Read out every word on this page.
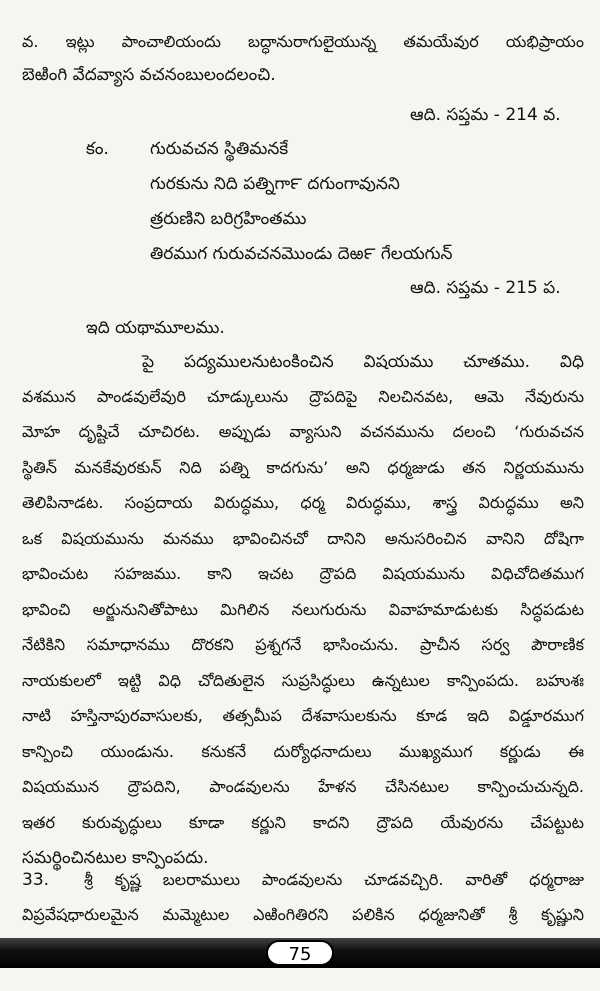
వ. ఇట్లు పాంచాలియందు బద్ధానురాగులైయున్న తమయేవుర యభిప్రాయం
బెఱింగి వేదవ్యాస వచనంబులందలంచి.
ఆది. సప్తమ - 214 వ.
కం. గురువచన స్థితిమనకే
గురకును నిది పత్నిగా౯ దగుంగావునని
త్రరుణిని బరిగ్రహింతము
తిరముగ గురువచనమెుండు దెఱ౯ గేలయగున్
ఆది. సప్తమ - 215 ప.
ఇది యథామూలము.
పై పద్యములనుటంకించిన విషయము చూతము. విధి
వశమున పాండవులేవురి చూడ్కులును ద్రౌపదిపై నిలచినవట, ఆమె నేవురును
మోహ దృష్టిచే చూచిరట. అప్పుడు వ్యాసుని వచనమును దలంచి ‘గురువచన
స్థితిన్ మనకేవురకున్ నిది పత్ని కాదగును’ అని ధర్మజుడు తన నిర్ణయమును
తెలిపినాడట. సంప్రదాయ విరుద్ధము, ధర్మ విరుద్ధము, శాస్త్ర విరుద్ధము అని
ఒక విషయమును మనము భావించినచో దానిని అనుసరించిన వానిని దోషిగా
భావించుట సహజము. కాని ఇచట ద్రౌపది విషయమును విధిచోదితముగ
భావించి అర్జునునితోపాటు మిగిలిన నలుగురును వివాహమాడుటకు సిద్ధపడుట
నేటికిని సమాధానము దొరకని ప్రశ్నగనే భాసించును. ప్రాచీన సర్వ పౌరాణిక
నాయకులలో ఇట్టి విధి చోదితులైన సుప్రసిద్ధులు ఉన్నటుల కాన్పింపదు. బహుశః
నాటి హస్తినాపురవాసులకు, తత్సమీప దేశవాసులకును కూడ ఇది విడ్డూరముగ
కాన్పించి యుండును. కనుకనే దుర్యోధనాదులు ముఖ్యముగ కర్ణుడు ఈ
విషయమున ద్రౌపదిని, పాండవులను హేళన చేసినటుల కాన్పించుచున్నది.
ఇతర కురువృద్ధులు కూడా కర్ణుని కాదని ద్రౌపది యేవురను చేపట్టుట
సమర్థించినటుల కాన్పింపదు.
33. శ్రీ కృష్ణ బలరాములు పాండవులను చూడవచ్చిరి. వారితో ధర్మరాజు
విప్రవేషధారులమైన మమ్మెటుల ఎఱింగితిరని పలికిన ధర్మజునితో శ్రీ కృష్ణుని
75
